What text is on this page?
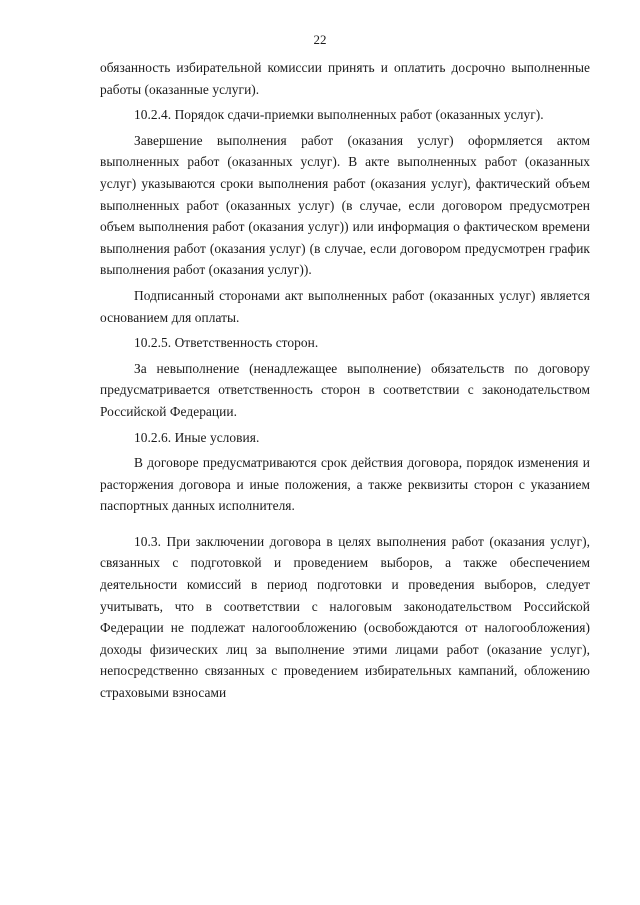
22

обязанность избирательной комиссии принять и оплатить досрочно выполненные работы (оказанные услуги).

10.2.4. Порядок сдачи-приемки выполненных работ (оказанных услуг).

Завершение выполнения работ (оказания услуг) оформляется актом выполненных работ (оказанных услуг). В акте выполненных работ (оказанных услуг) указываются сроки выполнения работ (оказания услуг), фактический объем выполненных работ (оказанных услуг) (в случае, если договором предусмотрен объем выполнения работ (оказания услуг)) или информация о фактическом времени выполнения работ (оказания услуг) (в случае, если договором предусмотрен график выполнения работ (оказания услуг)).

Подписанный сторонами акт выполненных работ (оказанных услуг) является основанием для оплаты.

10.2.5. Ответственность сторон.

За невыполнение (ненадлежащее выполнение) обязательств по договору предусматривается ответственность сторон в соответствии с законодательством Российской Федерации.

10.2.6. Иные условия.

В договоре предусматриваются срок действия договора, порядок изменения и расторжения договора и иные положения, а также реквизиты сторон с указанием паспортных данных исполнителя.

10.3. При заключении договора в целях выполнения работ (оказания услуг), связанных с подготовкой и проведением выборов, а также обеспечением деятельности комиссий в период подготовки и проведения выборов, следует учитывать, что в соответствии с налоговым законодательством Российской Федерации не подлежат налогообложению (освобождаются от налогообложения) доходы физических лиц за выполнение этими лицами работ (оказание услуг), непосредственно связанных с проведением избирательных кампаний, обложению страховыми взносами
